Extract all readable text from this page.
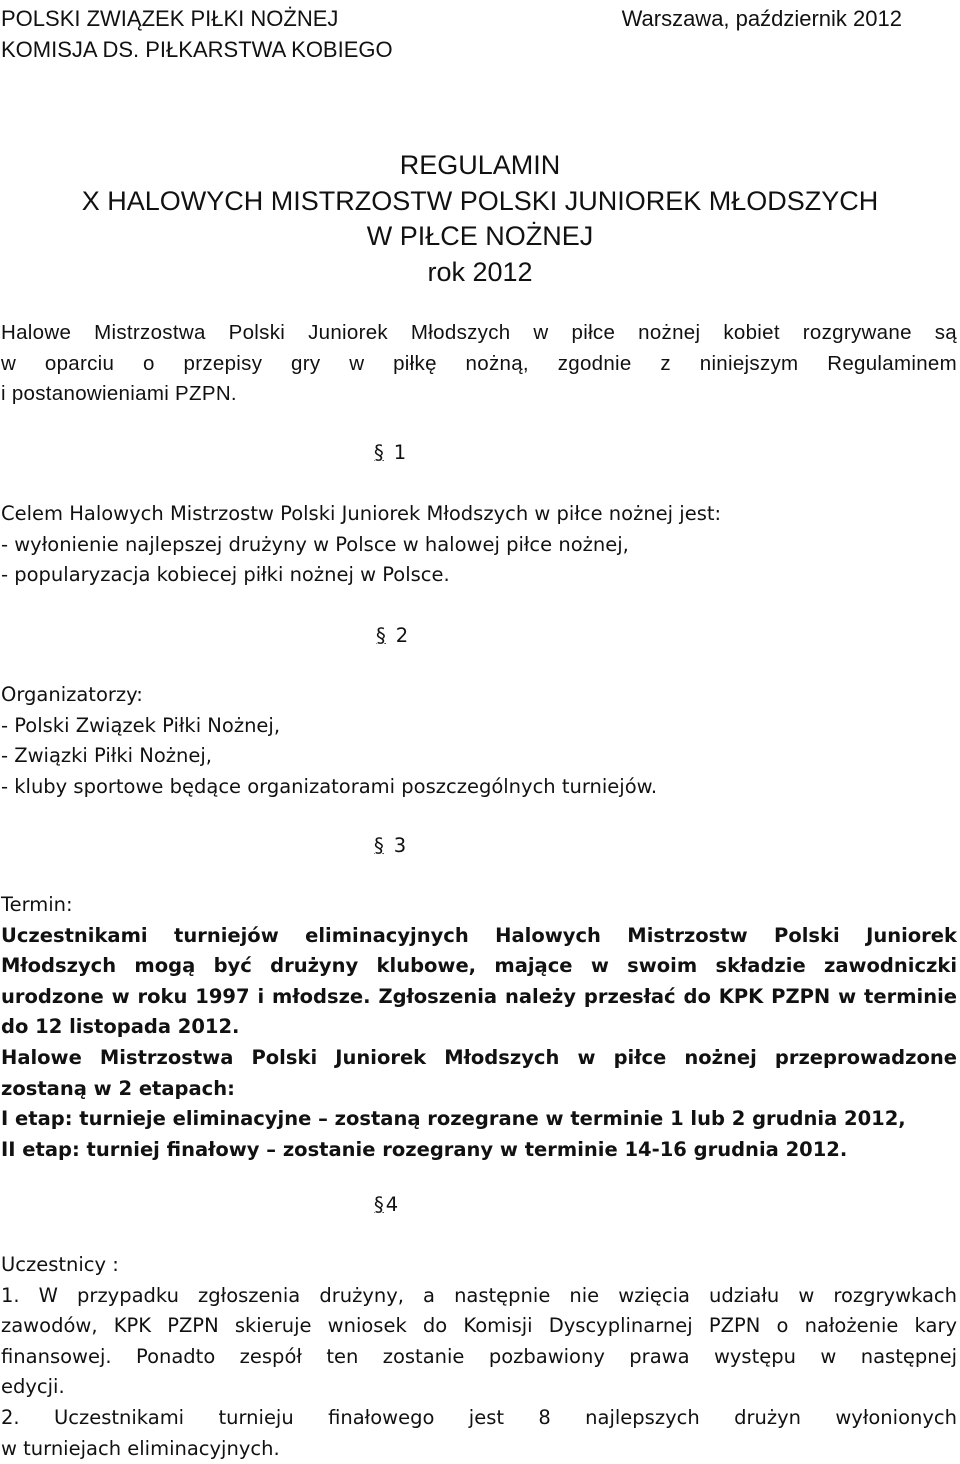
POLSKI ZWIĄZEK PIŁKI NOŻNEJ
KOMISJA DS. PIŁKARSTWA KOBIEGO
Warszawa, październik 2012
REGULAMIN
X HALOWYCH MISTRZOSTW POLSKI JUNIOREK MŁODSZYCH
W PIŁCE NOŻNEJ
rok 2012

Halowe Mistrzostwa Polski Juniorek Młodszych w piłce nożnej kobiet rozgrywane są

w oparciu o przepisy gry w piłkę nożną, zgodnie z niniejszym Regulaminem

i postanowieniami PZPN.

§ 1

Celem Halowych Mistrzostw Polski Juniorek Młodszych w piłce nożnej jest:

- wyłonienie najlepszej drużyny w Polsce w halowej piłce nożnej,

- popularyzacja kobiecej piłki nożnej w Polsce.

§ 2

Organizatorzy:

- Polski Związek Piłki Nożnej,

- Związki Piłki Nożnej,

- kluby sportowe będące organizatorami poszczególnych turniejów.

§ 3

Termin:

Uczestnikami turniejów eliminacyjnych Halowych Mistrzostw Polski Juniorek

Młodszych mogą być drużyny klubowe, mające w swoim składzie zawodniczki

urodzone w roku 1997 i młodsze. Zgłoszenia należy przesłać do KPK PZPN w terminie

do 12 listopada 2012.

Halowe Mistrzostwa Polski Juniorek Młodszych w piłce nożnej przeprowadzone

zostaną w 2 etapach:

I etap: turnieje eliminacyjne – zostaną rozegrane w terminie 1 lub 2 grudnia 2012,

II etap: turniej finałowy – zostanie rozegrany w terminie 14-16 grudnia 2012.

§ 4

Uczestnicy :

1. W przypadku zgłoszenia drużyny, a następnie nie wzięcia udziału w rozgrywkach

zawodów, KPK PZPN skieruje wniosek do Komisji Dyscyplinarnej PZPN o nałożenie kary

finansowej. Ponadto zespół ten zostanie pozbawiony prawa występu w następnej

edycji.

2. Uczestnikami turnieju finałowego jest 8 najlepszych drużyn wyłonionych

w turniejach eliminacyjnych.
